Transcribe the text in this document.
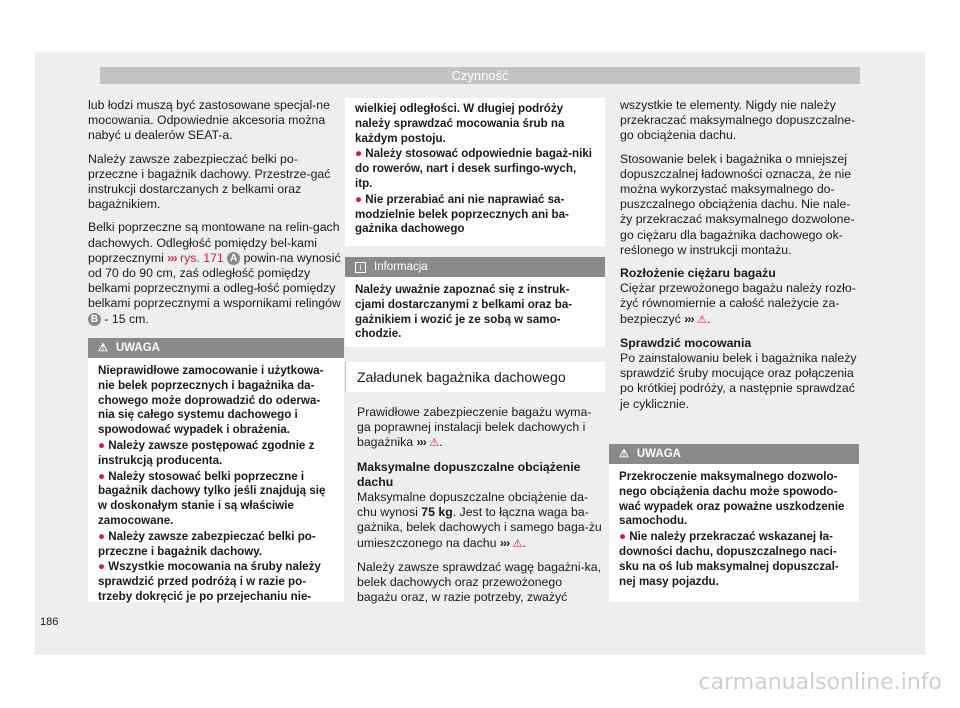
Czynność

lub łodzi muszą być zastosowane specjal-ne mocowania. Odpowiednie akcesoria można nabyć u dealerów SEAT-a.

Należy zawsze zabezpieczać belki po-przeczne i bagażnik dachowy. Przestrze-gać instrukcji dostarczanych z belkami oraz bagażnikiem.

Belki poprzeczne są montowane na relin-gach dachowych. Odległość pomiędzy bel-kami poprzecznymi ››› rys. 171 A powin-na wynosić od 70 do 90 cm, zaś odległość pomiędzy belkami poprzecznymi a odleg-łość pomiędzy belkami poprzecznymi a wspornikami relingów B - 15 cm.

⚠ UWAGA
Nieprawidłowe zamocowanie i użytkowa-nie belek poprzecznych i bagażnika da-chowego może doprowadzić do oderwa-nia się całego systemu dachowego i spowodować wypadek i obrażenia.
● Należy zawsze postępować zgodnie z instrukcją producenta.
● Należy stosować belki poprzeczne i bagażnik dachowy tylko jeśli znajdują się w doskonałym stanie i są właściwie zamocowane.
● Należy zawsze zabezpieczać belki po-przeczne i bagażnik dachowy.
● Wszystkie mocowania na śruby należy sprawdzić przed podróżą i w razie po-trzeby dokręcić je po przejechaniu nie-
wielkiej odległości. W długiej podróży należy sprawdzać mocowania śrub na każdym postoju.
● Należy stosować odpowiednie bagaż-niki do rowerów, nart i desek surfingo-wych, itp.
● Nie przerabiać ani nie naprawiać sa-modzielnie belek poprzecznych ani ba-gażnika dachowego
i Informacja
Należy uważnie zapoznać się z instruk-cjami dostarczanymi z belkami oraz ba-gażnikiem i wozić je ze sobą w samo-chodzie.
Załadunek bagażnika dachowego

Prawidłowe zabezpieczenie bagażu wyma-ga poprawnej instalacji belek dachowych i bagażnika ››› ⚠.

Maksymalne dopuszczalne obciążenie dachu

Maksymalne dopuszczalne obciążenie da-chu wynosi 75 kg. Jest to łączna waga ba-gażnika, belek dachowych i samego baga-żu umieszczonego na dachu ››› ⚠.

Należy zawsze sprawdzać wagę bagażni-ka, belek dachowych oraz przewożonego bagażu oraz, w razie potrzeby, zważyć

wszystkie te elementy. Nigdy nie należy przekraczać maksymalnego dopuszczalne-go obciążenia dachu.

Stosowanie belek i bagażnika o mniejszej dopuszczalnej ładowności oznacza, że nie można wykorzystać maksymalnego do-puszczalnego obciążenia dachu. Nie nale-ży przekraczać maksymalnego dozwolone-go ciężaru dla bagażnika dachowego ok-reślonego w instrukcji montażu.

Rozłożenie ciężaru bagażu

Ciężar przewożonego bagażu należy rozło-żyć równomiernie a całość należycie za-bezpieczyć ››› ⚠.

Sprawdzić mocowania

Po zainstalowaniu belek i bagażnika należy sprawdzić śruby mocujące oraz połączenia po krótkiej podróży, a następnie sprawdzać je cyklicznie.

⚠ UWAGA
Przekroczenie maksymalnego dozwolo-nego obciążenia dachu może spowodo-wać wypadek oraz poważne uszkodzenie samochodu.
● Nie należy przekraczać wskazanej ła-downości dachu, dopuszczalnego naci-sku na oś lub maksymalnej dopuszczal-nej masy pojazdu.
186
carmanualsonline.info
